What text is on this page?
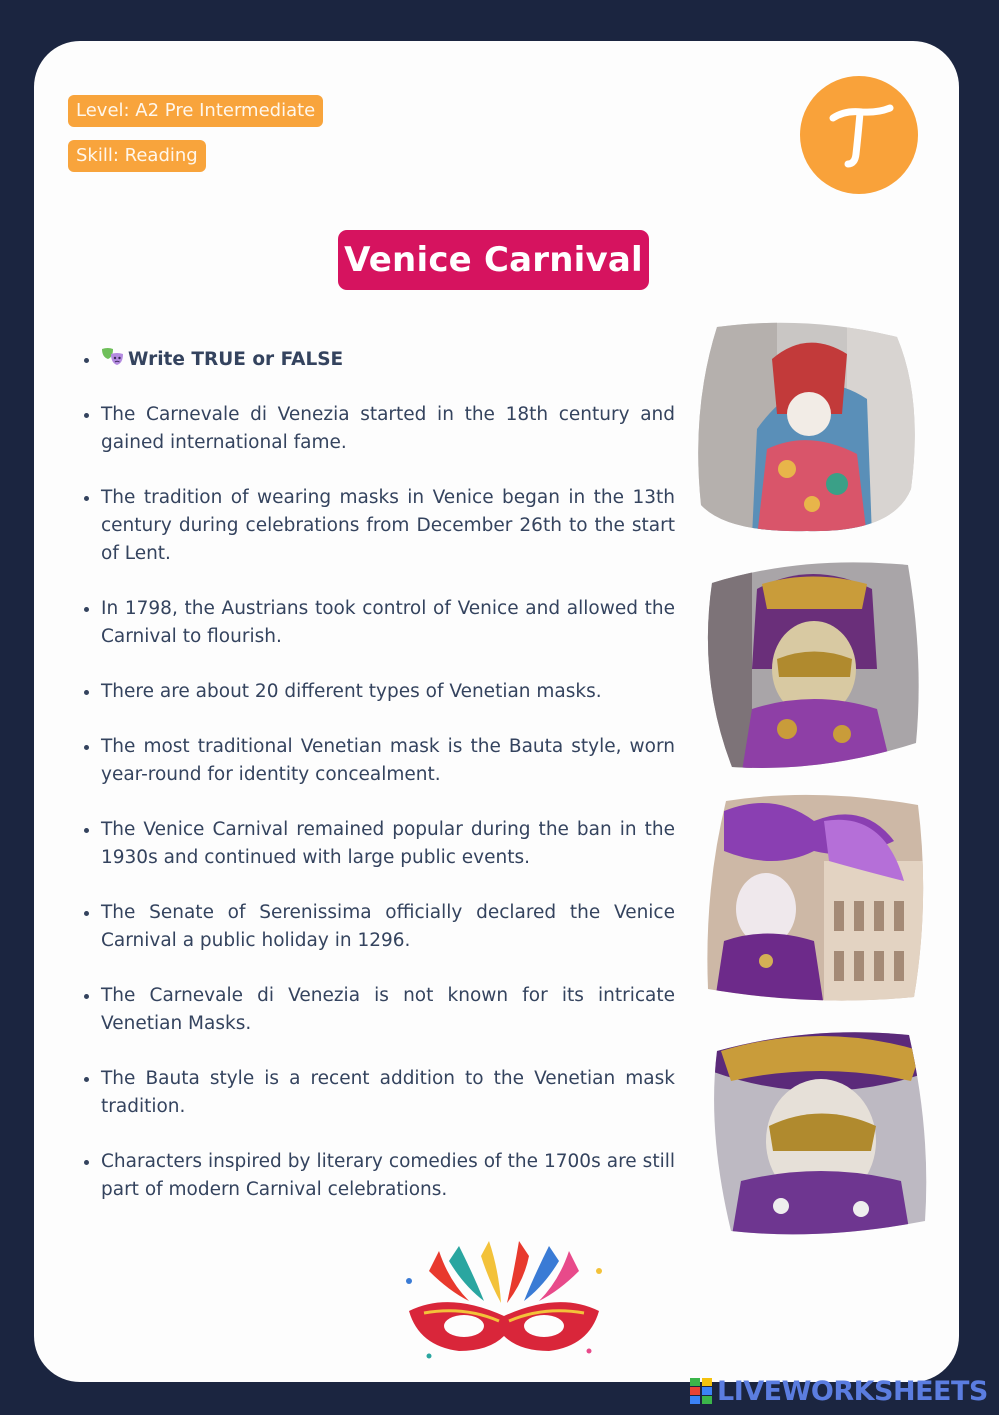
Level: A2 Pre Intermediate
Skill: Reading
Venice Carnival
• Write TRUE or FALSE
• The Carnevale di Venezia started in the 18th century and gained international fame.
• The tradition of wearing masks in Venice began in the 13th century during celebrations from December 26th to the start of Lent.
• In 1798, the Austrians took control of Venice and allowed the Carnival to flourish.
• There are about 20 different types of Venetian masks.
• The most traditional Venetian mask is the Bauta style, worn year-round for identity concealment.
• The Venice Carnival remained popular during the ban in the 1930s and continued with large public events.
• The Senate of Serenissima officially declared the Venice Carnival a public holiday in 1296.
• The Carnevale di Venezia is not known for its intricate Venetian Masks.
• The Bauta style is a recent addition to the Venetian mask tradition.
• Characters inspired by literary comedies of the 1700s are still part of modern Carnival celebrations.
LIVEWORKSHEETS
